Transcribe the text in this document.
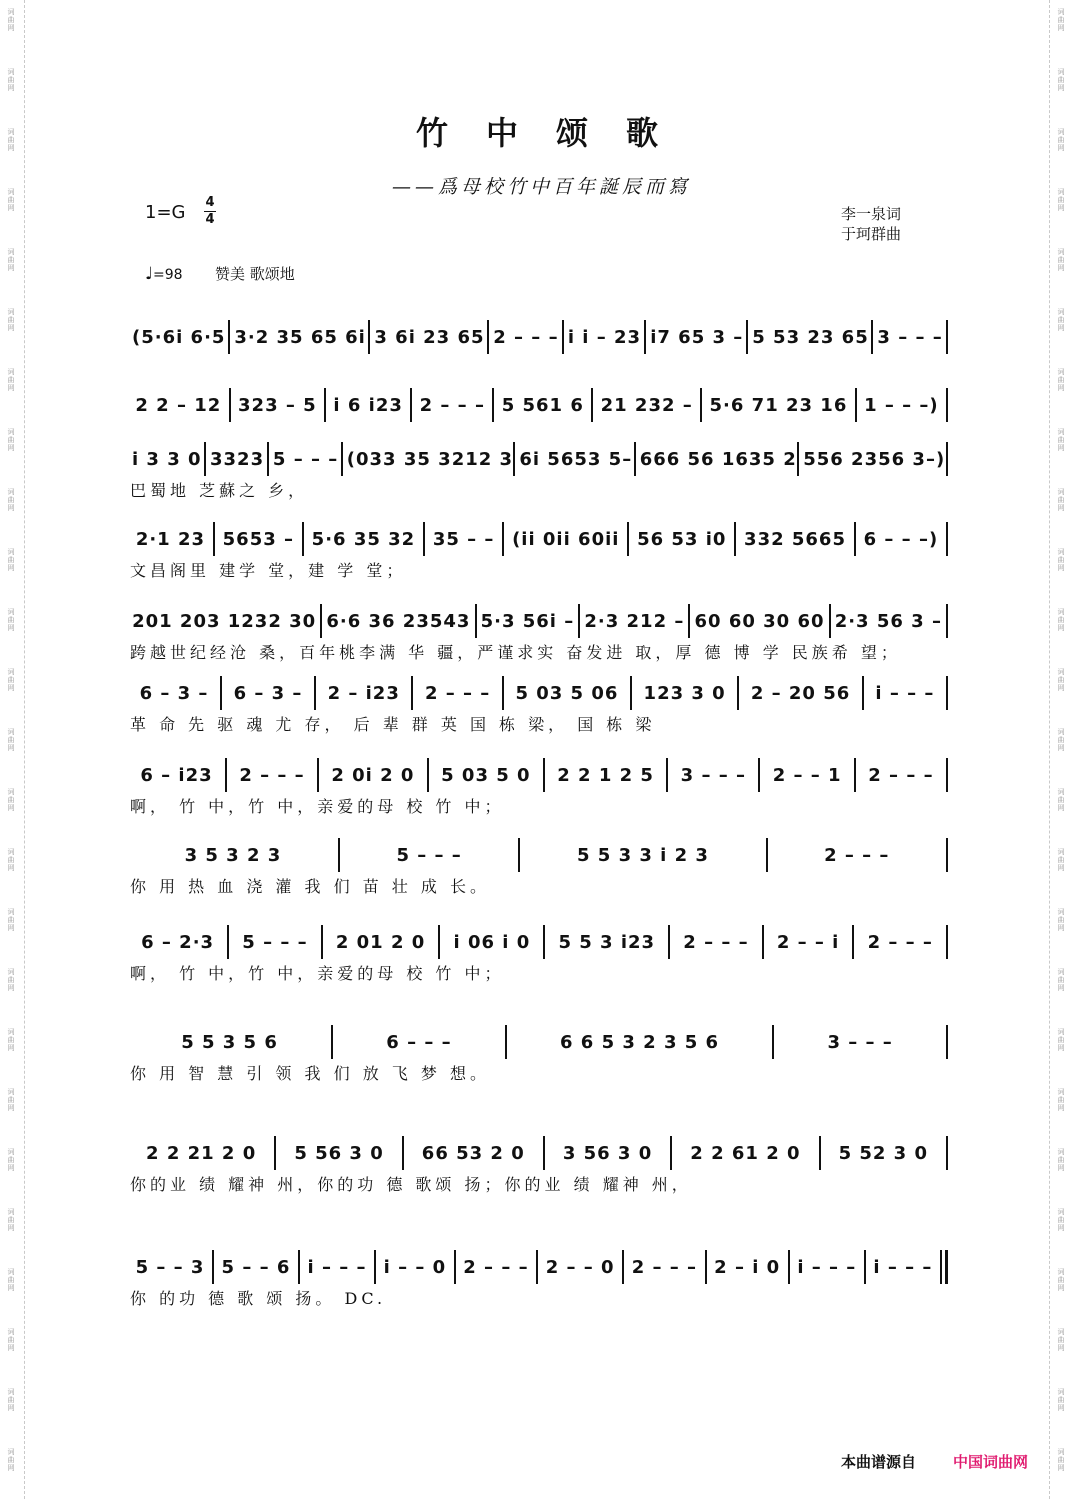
词曲网
词曲网
词曲网
词曲网
词曲网
词曲网
词曲网
词曲网
词曲网
词曲网
词曲网
词曲网
词曲网
词曲网
词曲网
词曲网
词曲网
词曲网
词曲网
词曲网
词曲网
词曲网
词曲网
词曲网
词曲网
词曲网
词曲网
词曲网
词曲网
词曲网
词曲网
词曲网
词曲网
词曲网
词曲网
词曲网
词曲网
词曲网
词曲网
词曲网
词曲网
词曲网
词曲网
词曲网
词曲网
词曲网
词曲网
词曲网
词曲网
词曲网
竹中颂歌
——爲母校竹中百年誕辰而寫
1=G 4
4	李一泉词
于珂群曲
♩=98 赞美 歌颂地
(5·6i 6·5 3·2 35 65 6i 3 6i 23 65 2 – – – i i – 23 i7 65 3 – 5 53 23 65 3 – – –
2 2 – 12 323 – 5 i 6 i23 2 – – – 5 561 6 21 232 – 5·6 71 23 16 1 – – –)
i 3 3 0 3323 5 – – – (033 35 3212 3 6i 5653 5– 666 56 1635 2 556 2356 3–)
巴蜀地 芝蘇之 乡，
2·1 23 5653 – 5·6 35 32 35 – – (ii 0ii 60ii 56 53 i0 332 5665 6 – – –)
文昌阁里 建学 堂，建 学 堂；
201 203 1232 30 6·6 36 23543 5·3 56i – 2·3 212 – 60 60 30 60 2·3 56 3 –
跨越世纪经沧 桑，百年桃李满 华 疆，严谨求实 奋发进 取，厚 德 博 学 民族希 望；
6 – 3 –	6 – 3 –	2 – i23	2 – – –	5 03 5 06	123 3 0	2 – 20 56	i – – –
革 命 先 驱 魂 尤 存， 后 辈 群 英 国 栋 梁， 国 栋 梁
6 – i23	2 – – –	2 0i 2 0	5 03 5 0	2 2 1 2 5	3 – – –	2 – – 1	2 – – –
啊， 竹 中，竹 中，亲爱的母 校 竹 中；
3 5 3 2 3	5 – – –	5 5 3 3 i 2 3	2 – – –
你 用 热 血 浇 灌 我 们 苗 壮 成 长。
6 – 2·3	5 – – –	2 01 2 0	i 06 i 0	5 5 3 i23	2 – – –	2 – – i	2 – – –
啊， 竹 中，竹 中，亲爱的母 校 竹 中；
5 5 3 5 6	6 – – –	6 6 5 3 2 3 5 6	3 – – –
你 用 智 慧 引 领 我 们 放 飞 梦 想。
2 2 21 2 0	5 56 3 0	66 53 2 0	3 56 3 0	2 2 61 2 0	5 52 3 0
你的业 绩 耀神 州，你的功 德 歌颂 扬；你的业 绩 耀神 州，
5 – – 3 5 – – 6 i – – – i – – 0 2 – – – 2 – – 0 2 – – – 2 – i 0 i – – – i – – –
你 的功 德 歌 颂 扬。 DC.
本曲谱源自 中国词曲网
